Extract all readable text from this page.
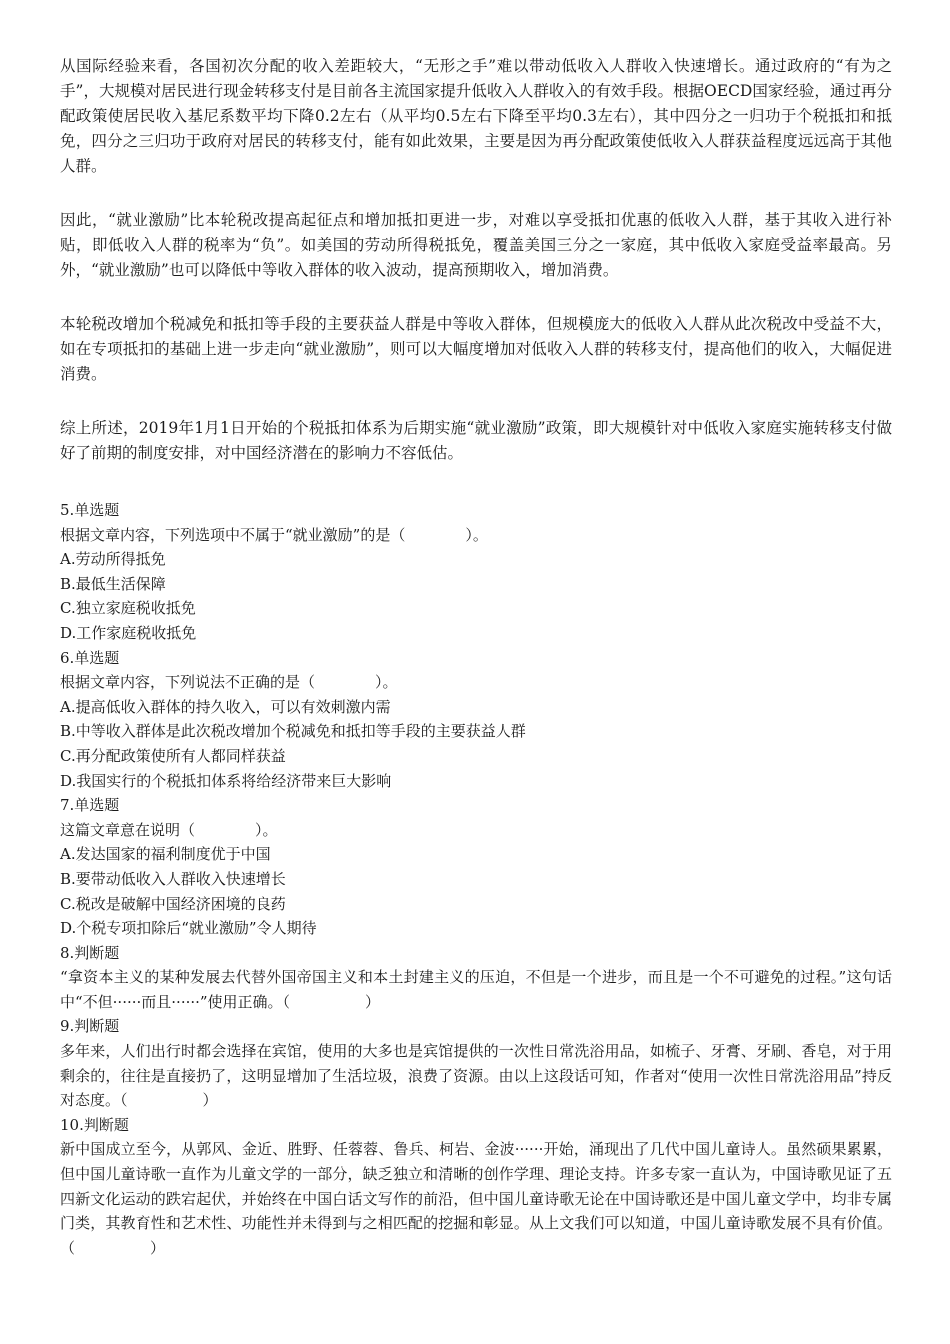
从国际经验来看，各国初次分配的收入差距较大，“无形之手”难以带动低收入人群收入快速增长。通过政府的“有为之手”，大规模对居民进行现金转移支付是目前各主流国家提升低收入人群收入的有效手段。根据OECD国家经验，通过再分配政策使居民收入基尼系数平均下降0.2左右（从平均0.5左右下降至平均0.3左右），其中四分之一归功于个税抵扣和抵免，四分之三归功于政府对居民的转移支付，能有如此效果，主要是因为再分配政策使低收入人群获益程度远远高于其他人群。

因此，“就业激励”比本轮税改提高起征点和增加抵扣更进一步，对难以享受抵扣优惠的低收入人群，基于其收入进行补贴，即低收入人群的税率为“负”。如美国的劳动所得税抵免，覆盖美国三分之一家庭，其中低收入家庭受益率最高。另外，“就业激励”也可以降低中等收入群体的收入波动，提高预期收入，增加消费。

本轮税改增加个税减免和抵扣等手段的主要获益人群是中等收入群体，但规模庞大的低收入人群从此次税改中受益不大，如在专项抵扣的基础上进一步走向“就业激励”，则可以大幅度增加对低收入人群的转移支付，提高他们的收入，大幅促进消费。

综上所述，2019年1月1日开始的个税抵扣体系为后期实施“就业激励”政策，即大规模针对中低收入家庭实施转移支付做好了前期的制度安排，对中国经济潜在的影响力不容低估。

5.单选题

根据文章内容，下列选项中不属于“就业激励”的是（　　　　）。

A.劳动所得抵免

B.最低生活保障

C.独立家庭税收抵免

D.工作家庭税收抵免

6.单选题

根据文章内容，下列说法不正确的是（　　　　）。

A.提高低收入群体的持久收入，可以有效刺激内需

B.中等收入群体是此次税改增加个税减免和抵扣等手段的主要获益人群

C.再分配政策使所有人都同样获益

D.我国实行的个税抵扣体系将给经济带来巨大影响

7.单选题

这篇文章意在说明（　　　　）。

A.发达国家的福利制度优于中国

B.要带动低收入人群收入快速增长

C.税改是破解中国经济困境的良药

D.个税专项扣除后“就业激励”令人期待

8.判断题

“拿资本主义的某种发展去代替外国帝国主义和本土封建主义的压迫，不但是一个进步，而且是一个不可避免的过程。”这句话中“不但······而且······”使用正确。（　　　　　）

9.判断题

多年来，人们出行时都会选择在宾馆，使用的大多也是宾馆提供的一次性日常洗浴用品，如梳子、牙膏、牙刷、香皂，对于用剩余的，往往是直接扔了，这明显增加了生活垃圾，浪费了资源。由以上这段话可知，作者对“使用一次性日常洗浴用品”持反对态度。（　　　　　）

10.判断题

新中国成立至今，从郭风、金近、胜野、任蓉蓉、鲁兵、柯岩、金波······开始，涌现出了几代中国儿童诗人。虽然硕果累累，但中国儿童诗歌一直作为儿童文学的一部分，缺乏独立和清晰的创作学理、理论支持。许多专家一直认为，中国诗歌见证了五四新文化运动的跌宕起伏，并始终在中国白话文写作的前沿，但中国儿童诗歌无论在中国诗歌还是中国儿童文学中，均非专属门类，其教育性和艺术性、功能性并未得到与之相匹配的挖掘和彰显。从上文我们可以知道，中国儿童诗歌发展不具有价值。（　　　　　）
